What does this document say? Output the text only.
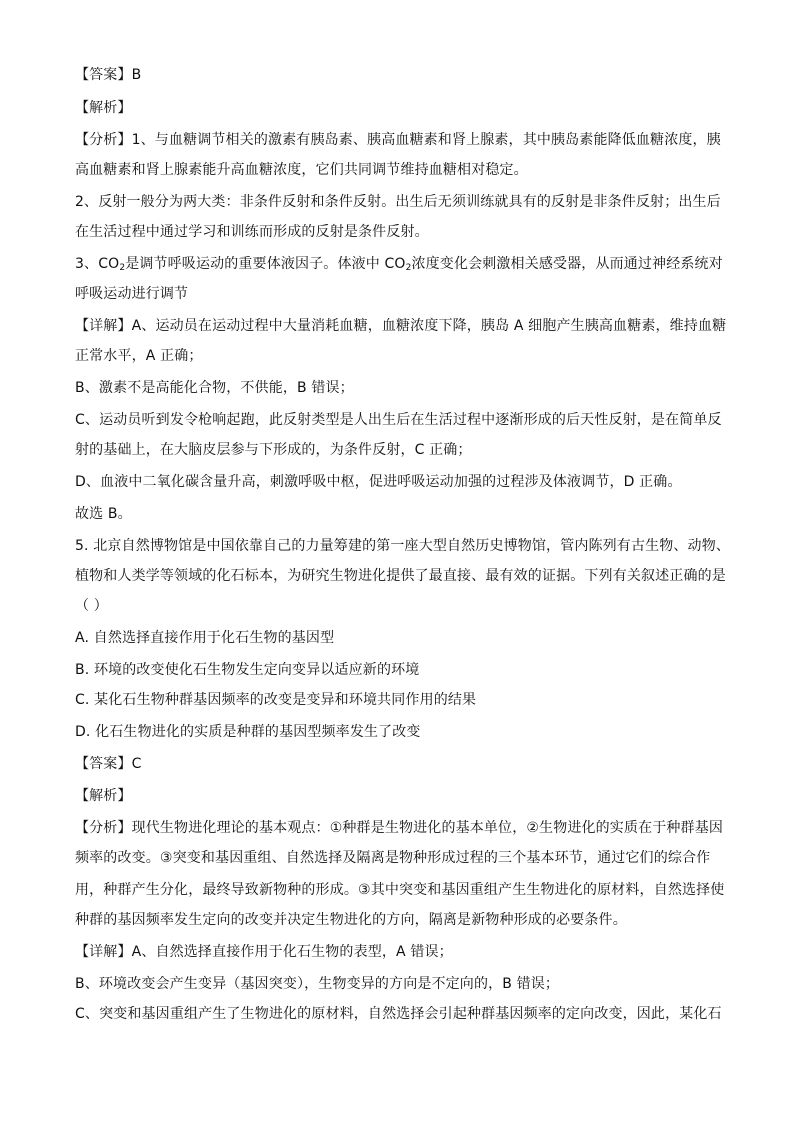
【答案】B
【解析】
【分析】1、与血糖调节相关的激素有胰岛素、胰高血糖素和肾上腺素，其中胰岛素能降低血糖浓度，胰
高血糖素和肾上腺素能升高血糖浓度，它们共同调节维持血糖相对稳定。
2、反射一般分为两大类：非条件反射和条件反射。出生后无须训练就具有的反射是非条件反射；出生后
在生活过程中通过学习和训练而形成的反射是条件反射。
3、$CO_2$是调节呼吸运动的重要体液因子。体液中 $CO_2$浓度变化会刺激相关感受器，从而通过神经系统对
呼吸运动进行调节
【详解】A、运动员在运动过程中大量消耗血糖，血糖浓度下降，胰岛 A 细胞产生胰高血糖素，维持血糖
正常水平，A 正确；
B、激素不是高能化合物，不供能，B 错误；
C、运动员听到发令枪响起跑，此反射类型是人出生后在生活过程中逐渐形成的后天性反射，是在简单反
射的基础上，在大脑皮层参与下形成的，为条件反射，C 正确；
D、血液中二氧化碳含量升高，刺激呼吸中枢，促进呼吸运动加强的过程涉及体液调节，D 正确。
故选 B。
5. 北京自然博物馆是中国依靠自己的力量筹建的第一座大型自然历史博物馆，管内陈列有古生物、动物、
植物和人类学等领域的化石标本，为研究生物进化提供了最直接、最有效的证据。下列有关叙述正确的是
（ ）
A. 自然选择直接作用于化石生物的基因型
B. 环境的改变使化石生物发生定向变异以适应新的环境
C. 某化石生物种群基因频率的改变是变异和环境共同作用的结果
D. 化石生物进化的实质是种群的基因型频率发生了改变
【答案】C
【解析】
【分析】现代生物进化理论的基本观点：①种群是生物进化的基本单位，②生物进化的实质在于种群基因
频率的改变。③突变和基因重组、自然选择及隔离是物种形成过程的三个基本环节，通过它们的综合作
用，种群产生分化，最终导致新物种的形成。③其中突变和基因重组产生生物进化的原材料，自然选择使
种群的基因频率发生定向的改变并决定生物进化的方向，隔离是新物种形成的必要条件。
【详解】A、自然选择直接作用于化石生物的表型，A 错误；
B、环境改变会产生变异（基因突变），生物变异的方向是不定向的，B 错误；
C、突变和基因重组产生了生物进化的原材料，自然选择会引起种群基因频率的定向改变，因此，某化石
